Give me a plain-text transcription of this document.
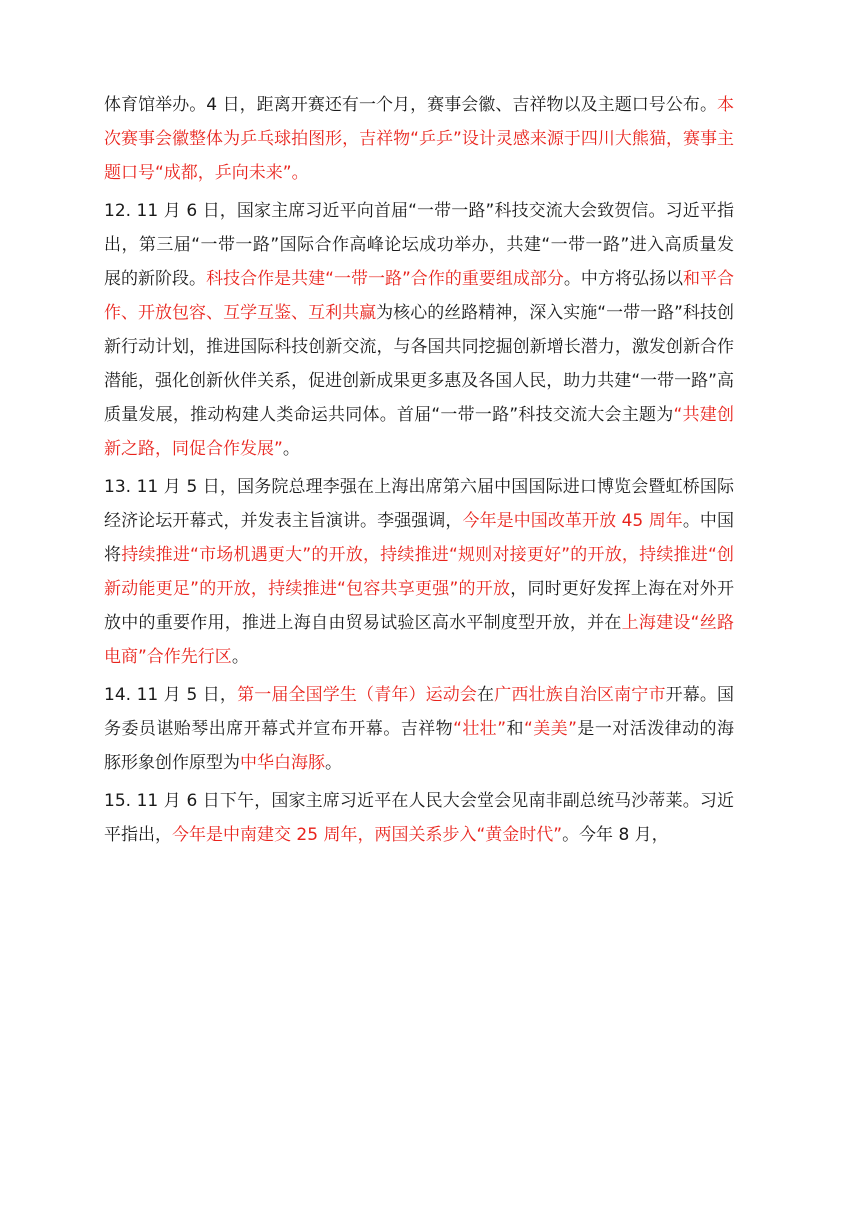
体育馆举办。4 日，距离开赛还有一个月，赛事会徽、吉祥物以及主题口号公布。本次赛事会徽整体为乒乓球拍图形，吉祥物“乒乒”设计灵感来源于四川大熊猫，赛事主题口号“成都，乒向未来”。

12. 11 月 6 日，国家主席习近平向首届“一带一路”科技交流大会致贺信。习近平指出，第三届“一带一路”国际合作高峰论坛成功举办，共建“一带一路”进入高质量发展的新阶段。科技合作是共建“一带一路”合作的重要组成部分。中方将弘扬以和平合作、开放包容、互学互鉴、互利共赢为核心的丝路精神，深入实施“一带一路”科技创新行动计划，推进国际科技创新交流，与各国共同挖掘创新增长潜力，激发创新合作潜能，强化创新伙伴关系，促进创新成果更多惠及各国人民，助力共建“一带一路”高质量发展，推动构建人类命运共同体。首届“一带一路”科技交流大会主题为“共建创新之路，同促合作发展”。

13. 11 月 5 日，国务院总理李强在上海出席第六届中国国际进口博览会暨虹桥国际经济论坛开幕式，并发表主旨演讲。李强强调，今年是中国改革开放 45 周年。中国将持续推进“市场机遇更大”的开放，持续推进“规则对接更好”的开放，持续推进“创新动能更足”的开放，持续推进“包容共享更强”的开放，同时更好发挥上海在对外开放中的重要作用，推进上海自由贸易试验区高水平制度型开放，并在上海建设“丝路电商”合作先行区。

14. 11 月 5 日，第一届全国学生（青年）运动会在广西壮族自治区南宁市开幕。国务委员谌贻琴出席开幕式并宣布开幕。吉祥物“壮壮”和“美美”是一对活泼律动的海豚形象创作原型为中华白海豚。

15. 11 月 6 日下午，国家主席习近平在人民大会堂会见南非副总统马沙蒂莱。习近平指出，今年是中南建交 25 周年，两国关系步入“黄金时代”。今年 8 月，
